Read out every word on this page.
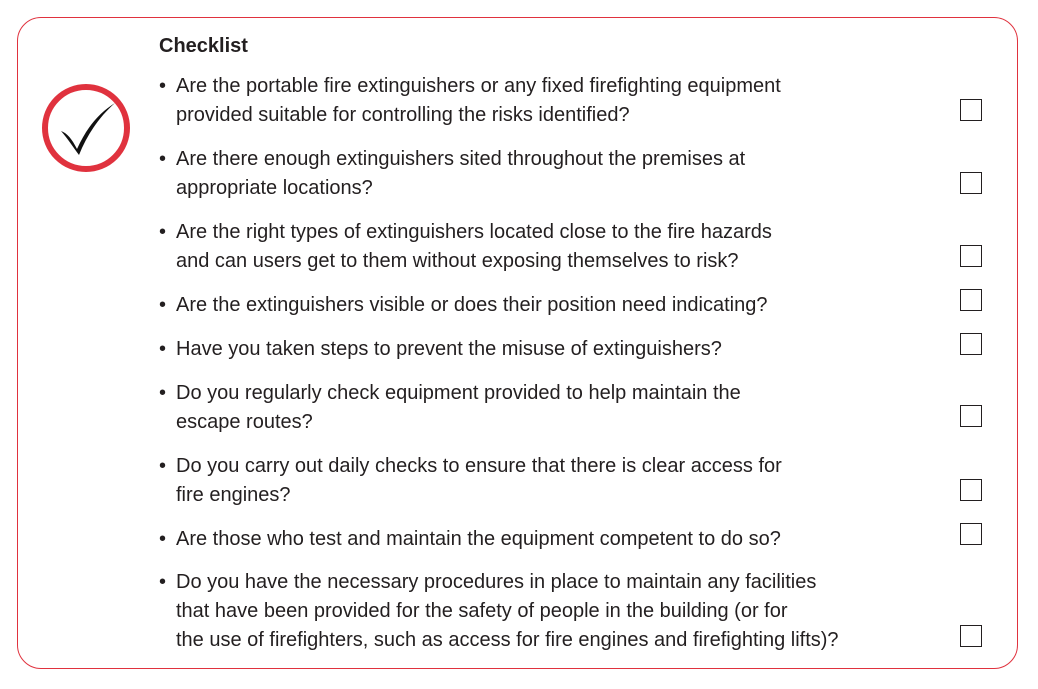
Checklist
• Are the portable fire extinguishers or any fixed firefighting equipment
provided suitable for controlling the risks identified?
• Are there enough extinguishers sited throughout the premises at
appropriate locations?
• Are the right types of extinguishers located close to the fire hazards
and can users get to them without exposing themselves to risk?
• Are the extinguishers visible or does their position need indicating?
• Have you taken steps to prevent the misuse of extinguishers?
• Do you regularly check equipment provided to help maintain the
escape routes?
• Do you carry out daily checks to ensure that there is clear access for
fire engines?
• Are those who test and maintain the equipment competent to do so?
• Do you have the necessary procedures in place to maintain any facilities
that have been provided for the safety of people in the building (or for
the use of firefighters, such as access for fire engines and firefighting lifts)?
